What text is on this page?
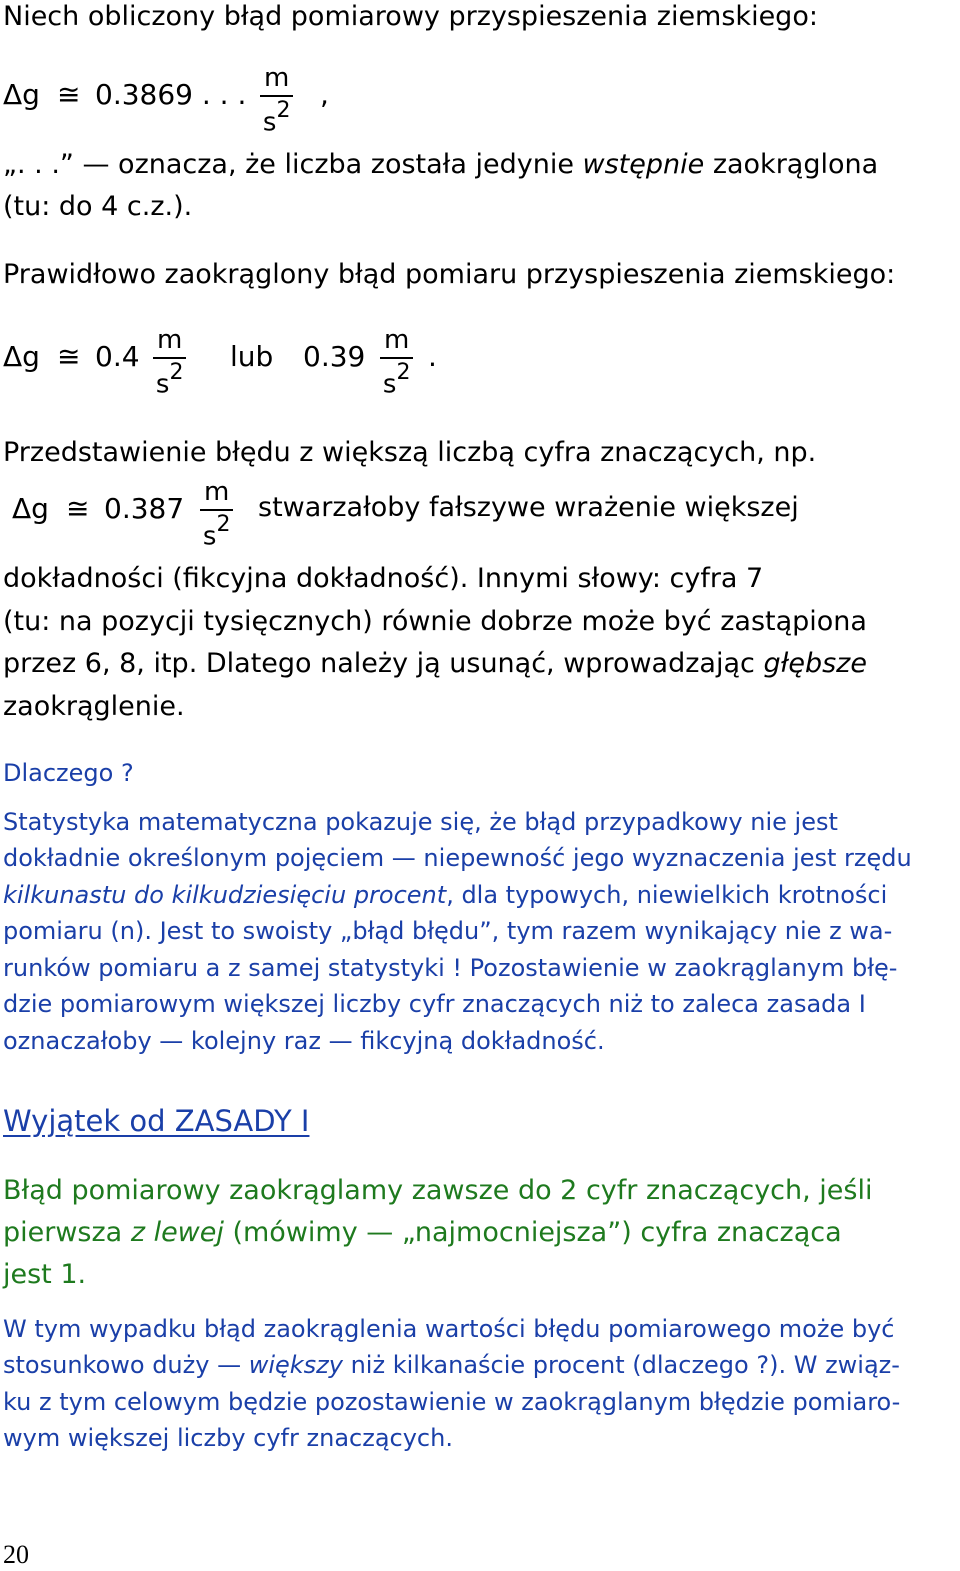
Niech obliczony błąd pomiarowy przyspieszenia ziemskiego:
Δg ≅ 0.3869 . . . $\frac{m}{s^2}$ ,
„. . .” — oznacza, że liczba została jedynie wstępnie zaokrąglona
(tu: do 4 c.z.).
Prawidłowo zaokrąglony błąd pomiaru przyspieszenia ziemskiego:
Δg ≅ $0.4 \frac{m}{s^2}$ lub $0.39 \frac{m}{s^2}$ .
Przedstawienie błędu z większą liczbą cyfra znaczących, np.
Δg ≅ $0.387 \frac{m}{s^2}$ stwarzałoby fałszywe wrażenie większej
dokładności (fikcyjna dokładność). Innymi słowy: cyfra 7
(tu: na pozycji tysięcznych) równie dobrze może być zastąpiona
przez 6, 8, itp. Dlatego należy ją usunąć, wprowadzając głębsze
zaokrąglenie.
Dlaczego ?
Statystyka matematyczna pokazuje się, że błąd przypadkowy nie jest
dokładnie określonym pojęciem — niepewność jego wyznaczenia jest rzędu
kilkunastu do kilkudziesięciu procent, dla typowych, niewielkich krotności
pomiaru (n). Jest to swoisty „błąd błędu”, tym razem wynikający nie z wa-
runków pomiaru a z samej statystyki ! Pozostawienie w zaokrąglanym błę-
dzie pomiarowym większej liczby cyfr znaczących niż to zaleca zasada I
oznaczałoby — kolejny raz — fikcyjną dokładność.
Wyjątek od ZASADY I
Błąd pomiarowy zaokrąglamy zawsze do 2 cyfr znaczących, jeśli
pierwsza z lewej (mówimy — „najmocniejsza”) cyfra znacząca
jest 1.
W tym wypadku błąd zaokrąglenia wartości błędu pomiarowego może być
stosunkowo duży — większy niż kilkanaście procent (dlaczego ?). W związ-
ku z tym celowym będzie pozostawienie w zaokrąglanym błędzie pomiaro-
wym większej liczby cyfr znaczących.
20
